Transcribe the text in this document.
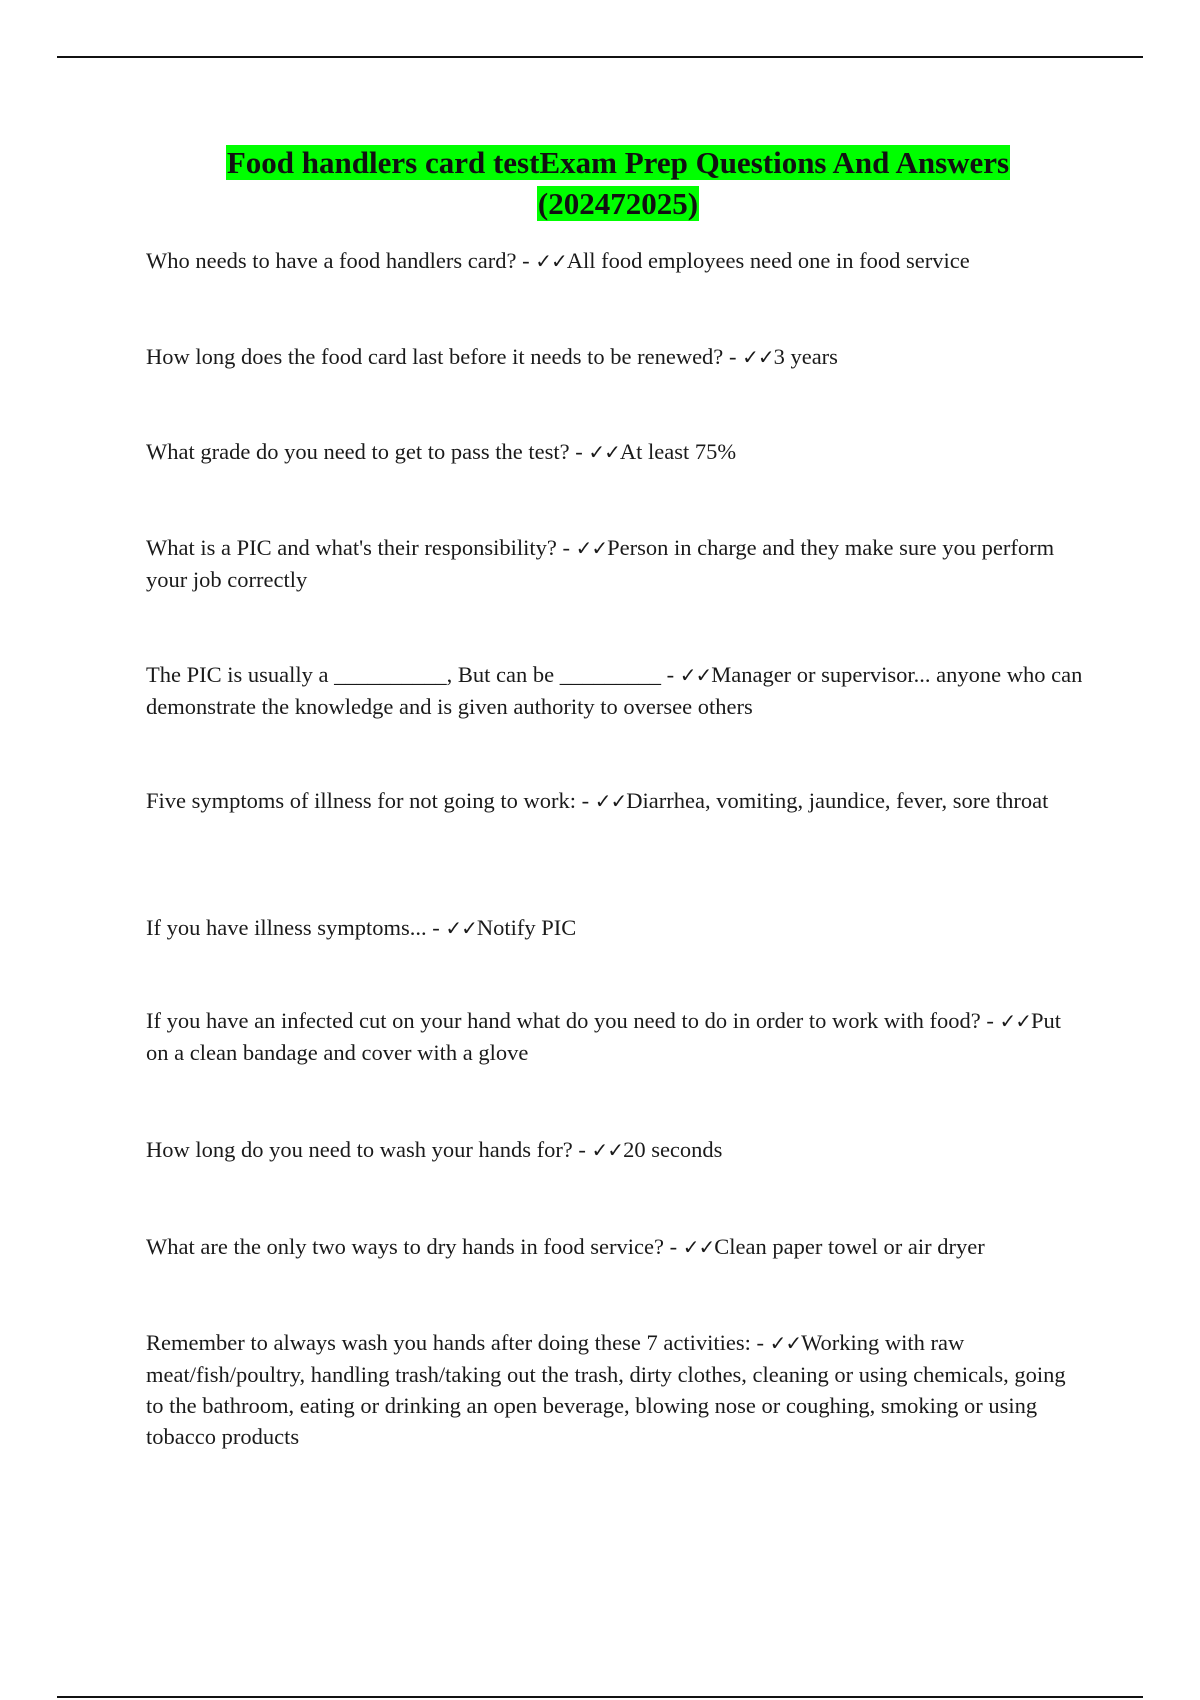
Food handlers card testExam Prep Questions And Answers
(202472025)
Who needs to have a food handlers card? - ✓✓All food employees need one in food service
How long does the food card last before it needs to be renewed? - ✓✓3 years
What grade do you need to get to pass the test? - ✓✓At least 75%
What is a PIC and what's their responsibility? - ✓✓Person in charge and they make sure you perform your job correctly
The PIC is usually a __________, But can be _________ - ✓✓Manager or supervisor... anyone who can demonstrate the knowledge and is given authority to oversee others
Five symptoms of illness for not going to work: - ✓✓Diarrhea, vomiting, jaundice, fever, sore throat
If you have illness symptoms... - ✓✓Notify PIC
If you have an infected cut on your hand what do you need to do in order to work with food? - ✓✓Put on a clean bandage and cover with a glove
How long do you need to wash your hands for? - ✓✓20 seconds
What are the only two ways to dry hands in food service? - ✓✓Clean paper towel or air dryer
Remember to always wash you hands after doing these 7 activities: - ✓✓Working with raw meat/fish/poultry, handling trash/taking out the trash, dirty clothes, cleaning or using chemicals, going to the bathroom, eating or drinking an open beverage, blowing nose or coughing, smoking or using tobacco products
